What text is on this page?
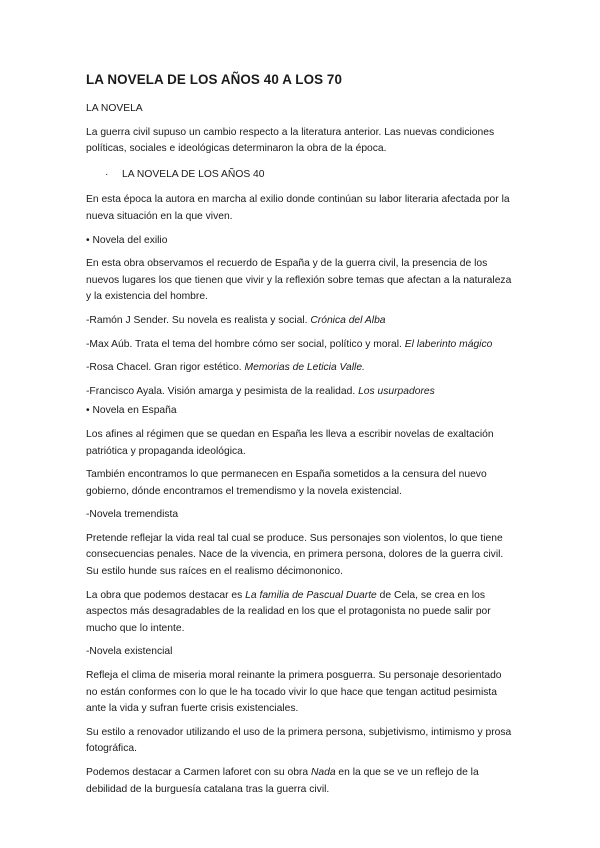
LA NOVELA DE LOS AÑOS 40 A LOS 70

LA NOVELA

La guerra civil supuso un cambio respecto a la literatura anterior. Las nuevas condiciones políticas, sociales e ideológicas determinaron la obra de la época.

·	LA NOVELA DE LOS AÑOS 40

En esta época la autora en marcha al exilio donde continúan su labor literaria afectada por la nueva situación en la que viven.

• Novela del exilio

En esta obra observamos el recuerdo de España y de la guerra civil, la presencia de los nuevos lugares los que tienen que vivir y la reflexión sobre temas que afectan a la naturaleza y la existencia del hombre.

-Ramón J Sender. Su novela es realista y social. Crónica del Alba

-Max Aúb. Trata el tema del hombre cómo ser social, político y moral. El laberinto mágico

-Rosa Chacel. Gran rigor estético. Memorias de Leticia Valle.

-Francisco Ayala. Visión amarga y pesimista de la realidad. Los usurpadores

• Novela en España

Los afines al régimen que se quedan en España les lleva a escribir novelas de exaltación patriótica y propaganda ideológica.

También encontramos lo que permanecen en España sometidos a la censura del nuevo gobierno, dónde encontramos el tremendismo y la novela existencial.

-Novela tremendista

Pretende reflejar la vida real tal cual se produce. Sus personajes son violentos, lo que tiene consecuencias penales. Nace de la vivencia, en primera persona, dolores de la guerra civil. Su estilo hunde sus raíces en el realismo décimononico.

La obra que podemos destacar es La familia de Pascual Duarte de Cela, se crea en los aspectos más desagradables de la realidad en los que el protagonista no puede salir por mucho que lo intente.

-Novela existencial

Refleja el clima de miseria moral reinante la primera posguerra. Su personaje desorientado no están conformes con lo que le ha tocado vivir lo que hace que tengan actitud pesimista ante la vida y sufran fuerte crisis existenciales.

Su estilo a renovador utilizando el uso de la primera persona, subjetivismo, intimismo y prosa fotográfica.

Podemos destacar a Carmen laforet con su obra Nada en la que se ve un reflejo de la debilidad de la burguesía catalana tras la guerra civil.
